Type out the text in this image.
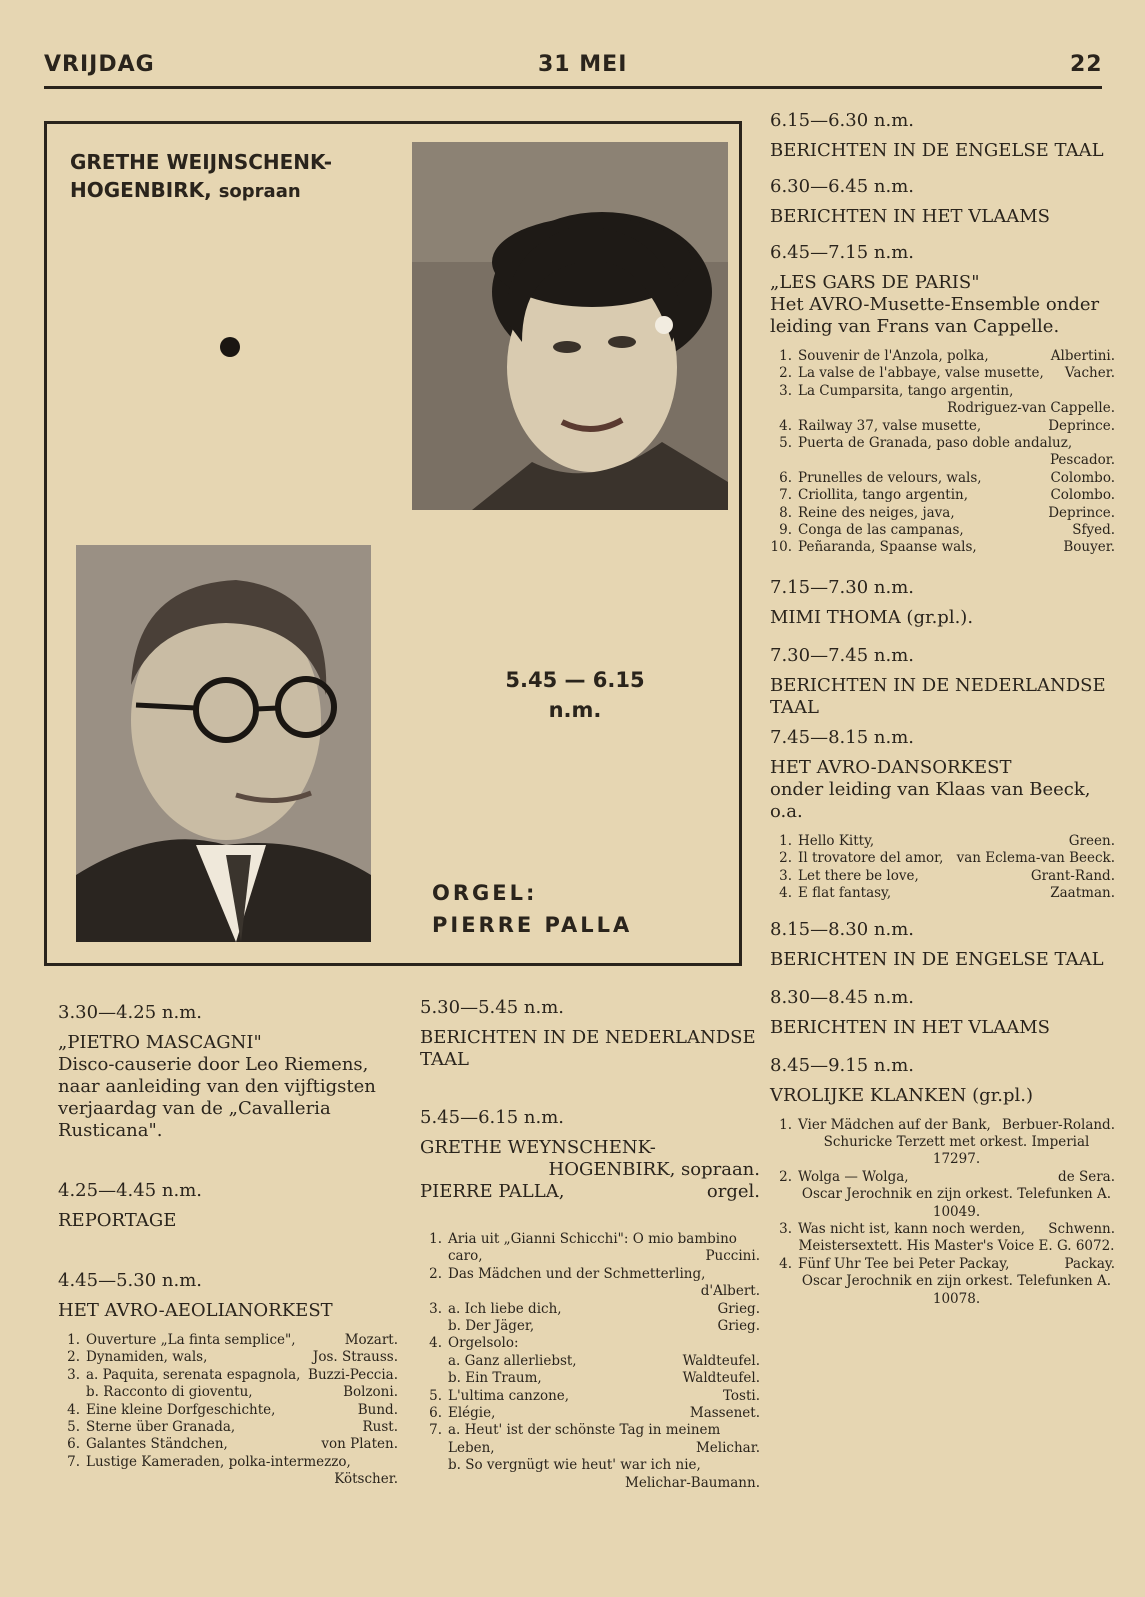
VRIJDAG	31 MEI	22
GRETHE WEIJNSCHENK-
HOGENBIRK, sopraan
5.45 — 6.15
n.m.
ORGEL:
PIERRE PALLA
3.30—4.25 n.m.
„PIETRO MASCAGNI"
Disco-causerie door Leo Riemens, naar aanleiding van den vijftigsten verjaardag van de „Cavalleria Rusticana".
4.25—4.45 n.m.
REPORTAGE
4.45—5.30 n.m.
HET AVRO-AEOLIANORKEST
1. Ouverture „La finta semplice",	Mozart.
2. Dynamiden, wals,	Jos. Strauss.
3. a. Paquita, serenata espagnola, Buzzi-Peccia.
b. Racconto di gioventu,	Bolzoni.
4. Eine kleine Dorfgeschichte,	Bund.
5. Sterne über Granada,	Rust.
6. Galantes Ständchen,	von Platen.
7. Lustige Kameraden, polka-intermezzo,
Kötscher.
5.30—5.45 n.m.
BERICHTEN IN DE NEDERLANDSE TAAL
5.45—6.15 n.m.
GRETHE WEYNSCHENK-
HOGENBIRK, sopraan.
PIERRE PALLA,	orgel.
1. Aria uit „Gianni Schicchi": O mio bambino caro,	Puccini.
2. Das Mädchen und der Schmetterling,
d'Albert.
3. a. Ich liebe dich,	Grieg.
b. Der Jäger,	Grieg.
4. Orgelsolo:
a. Ganz allerliebst,	Waldteufel.
b. Ein Traum,	Waldteufel.
5. L'ultima canzone,	Tosti.
6. Elégie,	Massenet.
7. a. Heut' ist der schönste Tag in meinem Leben,	Melichar.
b. So vergnügt wie heut' war ich nie,
Melichar-Baumann.
6.15—6.30 n.m.
BERICHTEN IN DE ENGELSE TAAL
6.30—6.45 n.m.
BERICHTEN IN HET VLAAMS
6.45—7.15 n.m.
„LES GARS DE PARIS"
Het AVRO-Musette-Ensemble onder leiding van Frans van Cappelle.
1. Souvenir de l'Anzola, polka,	Albertini.
2. La valse de l'abbaye, valse musette, Vacher.
3. La Cumparsita, tango argentin,
Rodriguez-van Cappelle.
4. Railway 37, valse musette,	Deprince.
5. Puerta de Granada, paso doble andaluz,
Pescador.
6. Prunelles de velours, wals,	Colombo.
7. Criollita, tango argentin,	Colombo.
8. Reine des neiges, java,	Deprince.
9. Conga de las campanas,	Sfyed.
10. Peñaranda, Spaanse wals,	Bouyer.
7.15—7.30 n.m.
MIMI THOMA (gr.pl.).
7.30—7.45 n.m.
BERICHTEN IN DE NEDERLANDSE TAAL
7.45—8.15 n.m.
HET AVRO-DANSORKEST
onder leiding van Klaas van Beeck, o.a.
1. Hello Kitty,	Green.
2. Il trovatore del amor, van Eclema-van Beeck.
3. Let there be love,	Grant-Rand.
4. E flat fantasy,	Zaatman.
8.15—8.30 n.m.
BERICHTEN IN DE ENGELSE TAAL
8.30—8.45 n.m.
BERICHTEN IN HET VLAAMS
8.45—9.15 n.m.
VROLIJKE KLANKEN (gr.pl.)
1. Vier Mädchen auf der Bank, Berbuer-Roland.
Schuricke Terzett met orkest. Imperial 17297.
2. Wolga — Wolga,	de Sera.
Oscar Jerochnik en zijn orkest. Telefunken A. 10049.
3. Was nicht ist, kann noch werden, Schwenn.
Meistersextett. His Master's Voice E. G. 6072.
4. Fünf Uhr Tee bei Peter Packay,	Packay.
Oscar Jerochnik en zijn orkest. Telefunken A. 10078.
